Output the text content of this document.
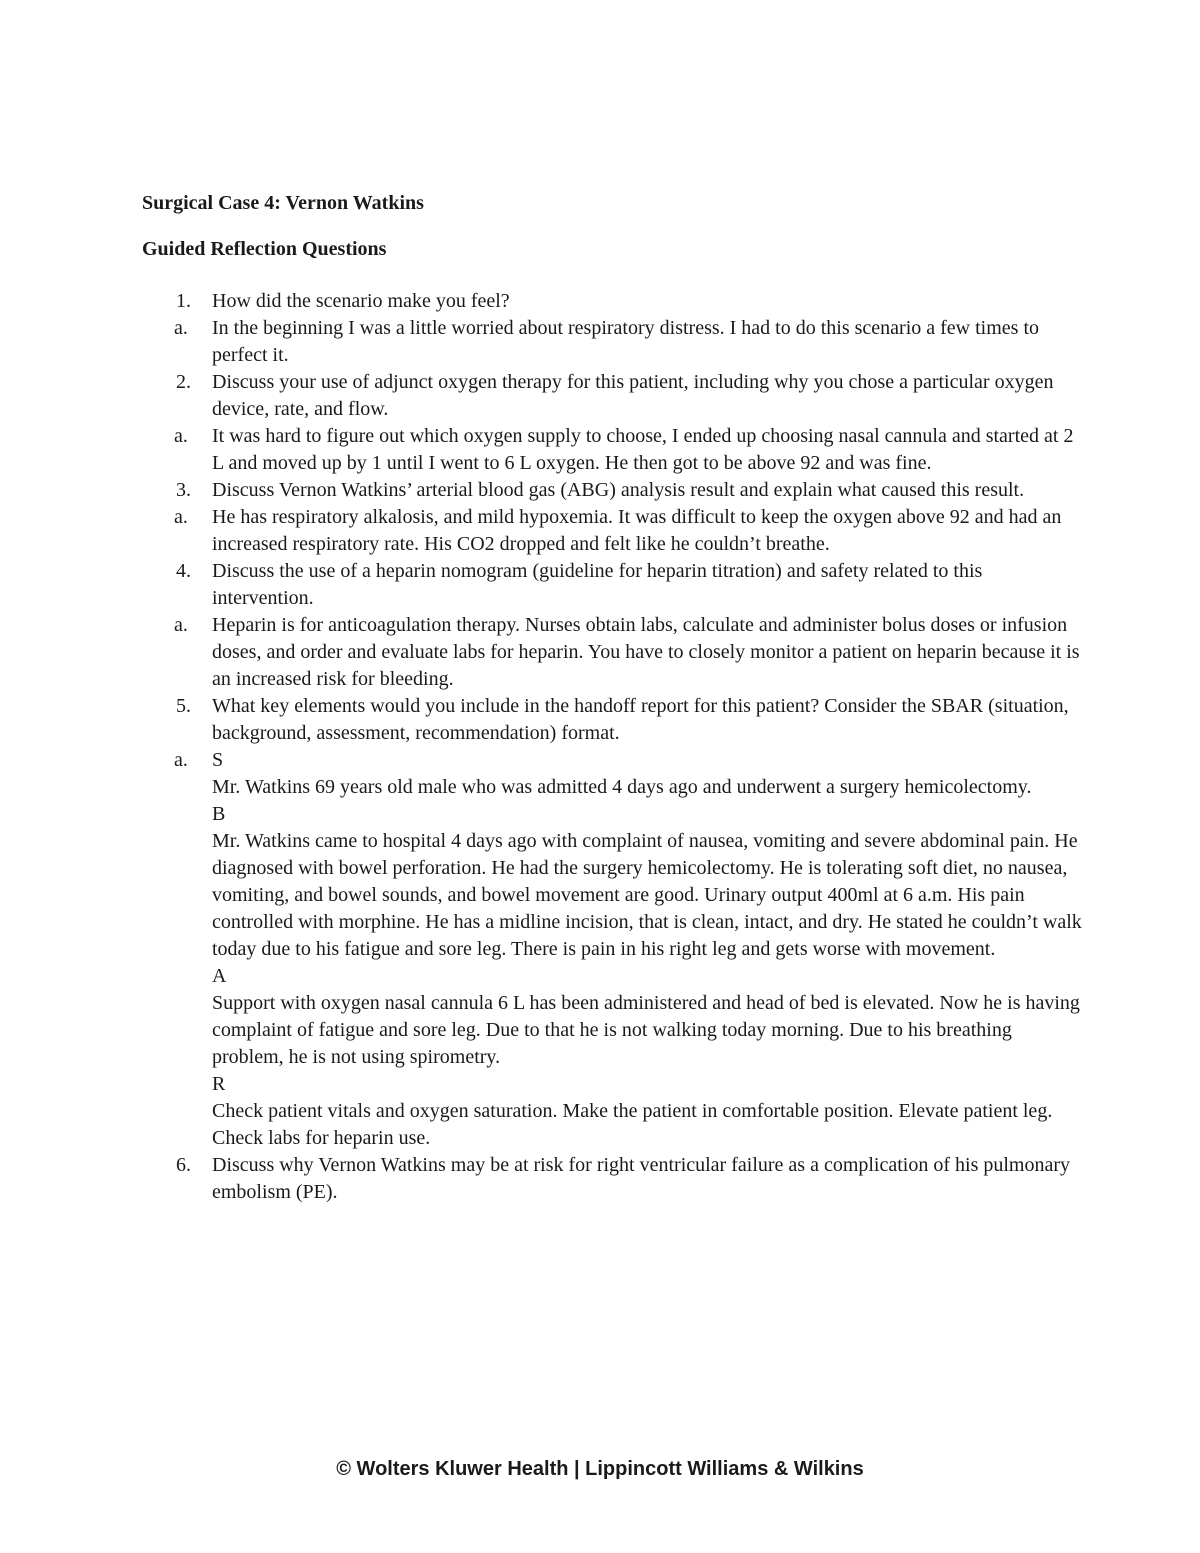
Surgical Case 4: Vernon Watkins
Guided Reflection Questions
1. How did the scenario make you feel?
a. In the beginning I was a little worried about respiratory distress. I had to do this scenario a few times to perfect it.
2. Discuss your use of adjunct oxygen therapy for this patient, including why you chose a particular oxygen device, rate, and flow.
a. It was hard to figure out which oxygen supply to choose, I ended up choosing nasal cannula and started at 2 L and moved up by 1 until I went to 6 L oxygen. He then got to be above 92 and was fine.
3. Discuss Vernon Watkins’ arterial blood gas (ABG) analysis result and explain what caused this result.
a. He has respiratory alkalosis, and mild hypoxemia. It was difficult to keep the oxygen above 92 and had an increased respiratory rate. His CO2 dropped and felt like he couldn’t breathe.
4. Discuss the use of a heparin nomogram (guideline for heparin titration) and safety related to this intervention.
a. Heparin is for anticoagulation therapy. Nurses obtain labs, calculate and administer bolus doses or infusion doses, and order and evaluate labs for heparin. You have to closely monitor a patient on heparin because it is an increased risk for bleeding.
5. What key elements would you include in the handoff report for this patient? Consider the SBAR (situation, background, assessment, recommendation) format.
a. S
Mr. Watkins 69 years old male who was admitted 4 days ago and underwent a surgery hemicolectomy.
B
Mr. Watkins came to hospital 4 days ago with complaint of nausea, vomiting and severe abdominal pain. He diagnosed with bowel perforation. He had the surgery hemicolectomy. He is tolerating soft diet, no nausea, vomiting, and bowel sounds, and bowel movement are good. Urinary output 400ml at 6 a.m. His pain controlled with morphine. He has a midline incision, that is clean, intact, and dry. He stated he couldn’t walk today due to his fatigue and sore leg. There is pain in his right leg and gets worse with movement.
A
Support with oxygen nasal cannula 6 L has been administered and head of bed is elevated. Now he is having complaint of fatigue and sore leg. Due to that he is not walking today morning. Due to his breathing problem, he is not using spirometry.
R
Check patient vitals and oxygen saturation. Make the patient in comfortable position. Elevate patient leg. Check labs for heparin use.
6. Discuss why Vernon Watkins may be at risk for right ventricular failure as a complication of his pulmonary embolism (PE).
© Wolters Kluwer Health | Lippincott Williams & Wilkins
